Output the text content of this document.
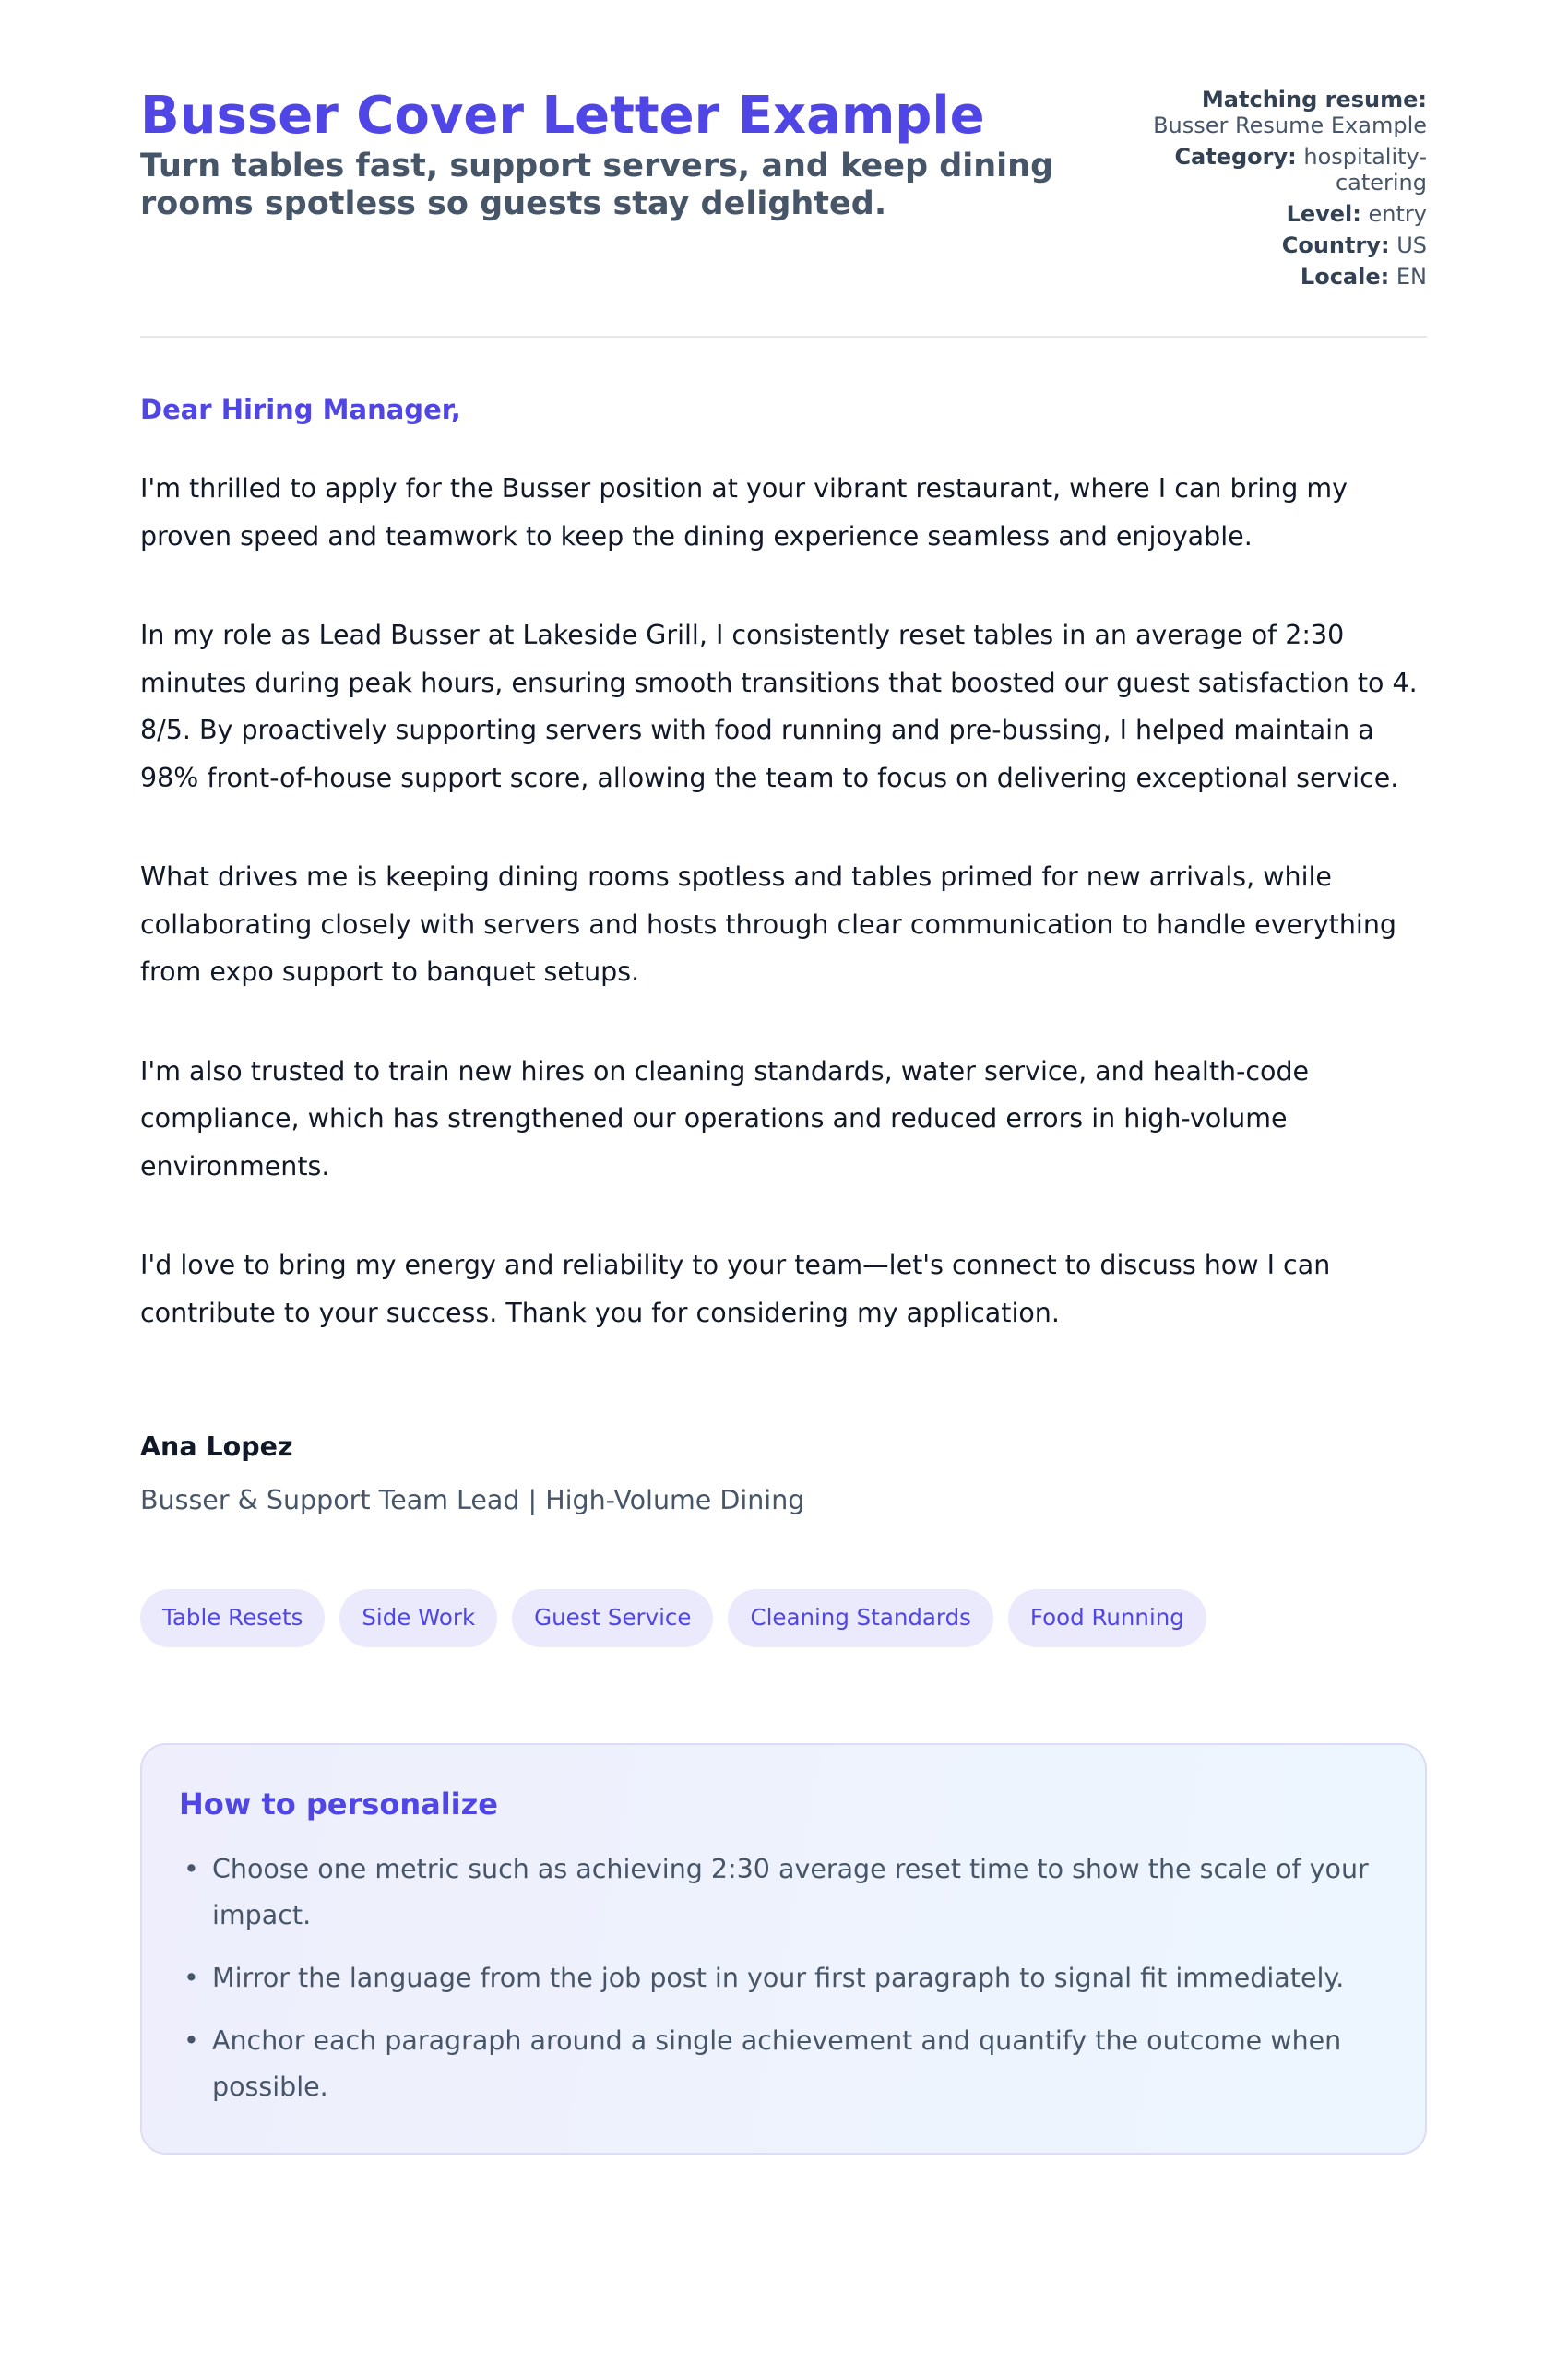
Busser Cover Letter Example

Turn tables fast, support servers, and keep dining rooms spotless so guests stay delighted.

Matching resume:
Busser Resume Example
Category: hospitality-catering
Level: entry
Country: US
Locale: EN

Dear Hiring Manager,

I'm thrilled to apply for the Busser position at your vibrant restaurant, where I can bring my proven speed and teamwork to keep the dining experience seamless and enjoyable.

In my role as Lead Busser at Lakeside Grill, I consistently reset tables in an average of 2:30 minutes during peak hours, ensuring smooth transitions that boosted our guest satisfaction to 4. 8/5. By proactively supporting servers with food running and pre-bussing, I helped maintain a 98% front-of-house support score, allowing the team to focus on delivering exceptional service.

What drives me is keeping dining rooms spotless and tables primed for new arrivals, while collaborating closely with servers and hosts through clear communication to handle everything from expo support to banquet setups.

I'm also trusted to train new hires on cleaning standards, water service, and health-code compliance, which has strengthened our operations and reduced errors in high-volume environments.

I'd love to bring my energy and reliability to your team—let's connect to discuss how I can contribute to your success. Thank you for considering my application.

Ana Lopez

Busser & Support Team Lead | High-Volume Dining

Table Resets	Side Work	Guest Service	Cleaning Standards	Food Running
How to personalize
• Choose one metric such as achieving 2:30 average reset time to show the scale of your impact.
• Mirror the language from the job post in your first paragraph to signal fit immediately.
• Anchor each paragraph around a single achievement and quantify the outcome when possible.
